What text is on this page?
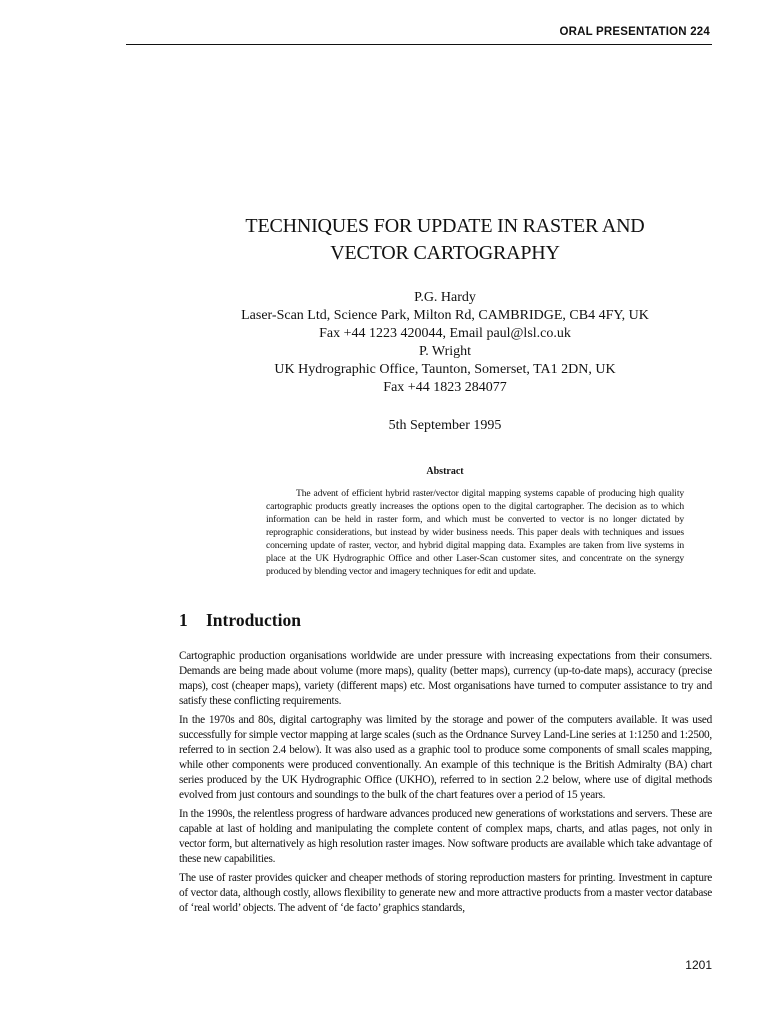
ORAL PRESENTATION 224
TECHNIQUES FOR UPDATE IN RASTER AND
VECTOR CARTOGRAPHY
P.G. Hardy
Laser-Scan Ltd, Science Park, Milton Rd, CAMBRIDGE, CB4 4FY, UK
Fax +44 1223 420044, Email paul@lsl.co.uk
P. Wright
UK Hydrographic Office, Taunton, Somerset, TA1 2DN, UK
Fax +44 1823 284077
5th September 1995
Abstract
The advent of efficient hybrid raster/vector digital mapping systems capable of producing high quality cartographic products greatly increases the options open to the digital cartographer. The decision as to which information can be held in raster form, and which must be converted to vector is no longer dictated by reprographic considerations, but instead by wider business needs. This paper deals with techniques and issues concerning update of raster, vector, and hybrid digital mapping data. Examples are taken from live systems in place at the UK Hydrographic Office and other Laser-Scan customer sites, and concentrate on the synergy produced by blending vector and imagery techniques for edit and update.
1 Introduction

Cartographic production organisations worldwide are under pressure with increasing expectations from their consumers. Demands are being made about volume (more maps), quality (better maps), currency (up-to-date maps), accuracy (precise maps), cost (cheaper maps), variety (different maps) etc. Most organisations have turned to computer assistance to try and satisfy these conflicting requirements.

In the 1970s and 80s, digital cartography was limited by the storage and power of the computers available. It was used successfully for simple vector mapping at large scales (such as the Ordnance Survey Land-Line series at 1:1250 and 1:2500, referred to in section 2.4 below). It was also used as a graphic tool to produce some components of small scales mapping, while other components were produced conventionally. An example of this technique is the British Admiralty (BA) chart series produced by the UK Hydrographic Office (UKHO), referred to in section 2.2 below, where use of digital methods evolved from just contours and soundings to the bulk of the chart features over a period of 15 years.

In the 1990s, the relentless progress of hardware advances produced new generations of workstations and servers. These are capable at last of holding and manipulating the complete content of complex maps, charts, and atlas pages, not only in vector form, but alternatively as high resolution raster images. Now software products are available which take advantage of these new capabilities.

The use of raster provides quicker and cheaper methods of storing reproduction masters for printing. Investment in capture of vector data, although costly, allows flexibility to generate new and more attractive products from a master vector database of ‘real world’ objects. The advent of ‘de facto’ graphics standards,

1201
